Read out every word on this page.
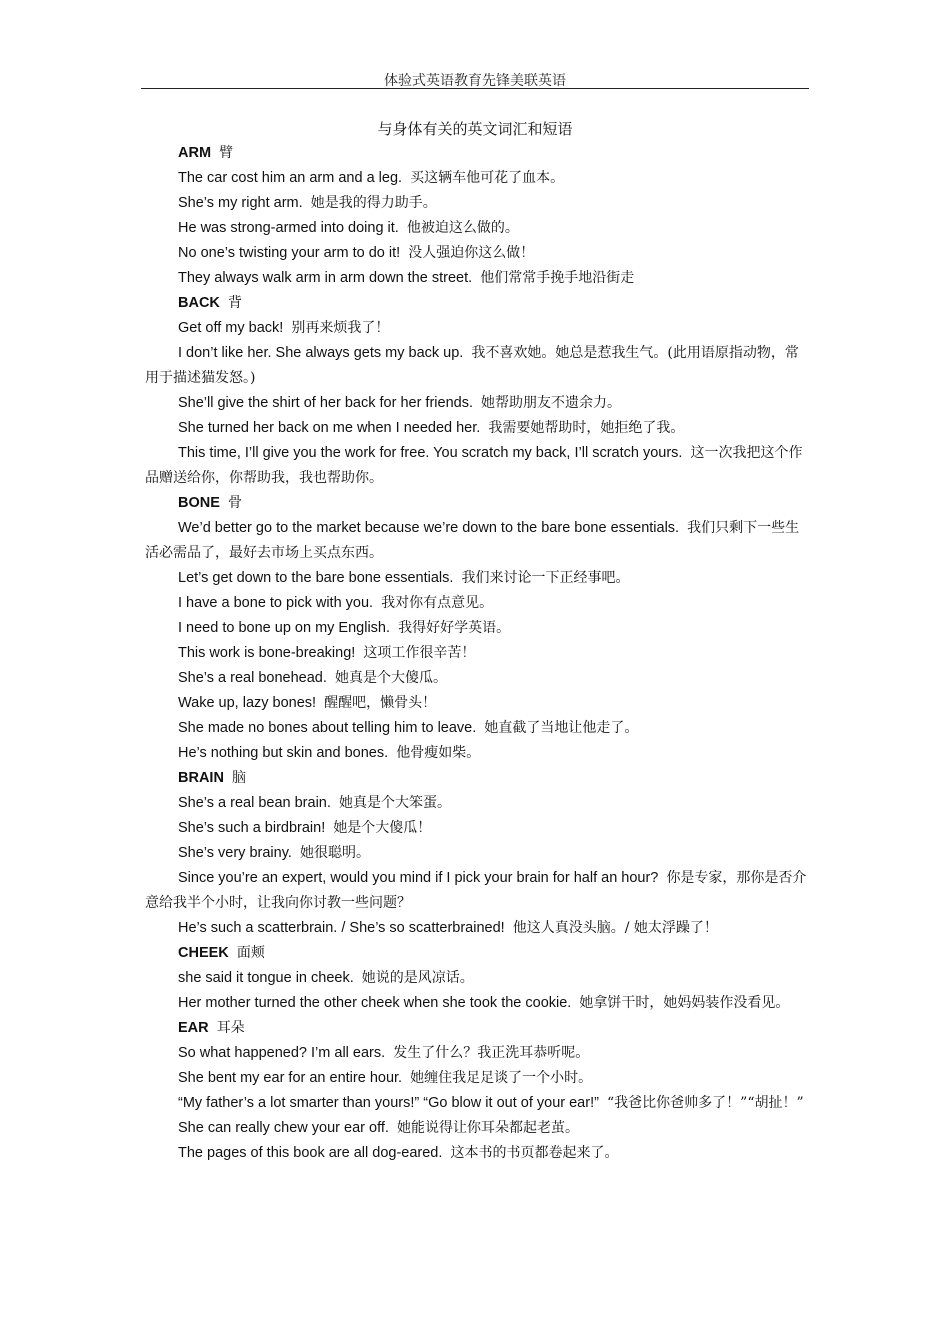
体验式英语教育先锋美联英语
与身体有关的英文词汇和短语

ARM 臂

The car cost him an arm and a leg. 买这辆车他可花了血本。

She’s my right arm. 她是我的得力助手。

He was strong-armed into doing it. 他被迫这么做的。

No one’s twisting your arm to do it! 没人强迫你这么做！

They always walk arm in arm down the street. 他们常常手挽手地沿街走

BACK 背

Get off my back! 别再来烦我了！

I don’t like her. She always gets my back up. 我不喜欢她。她总是惹我生气。(此用语原指动物，常用于描述猫发怒。)

She’ll give the shirt of her back for her friends. 她帮助朋友不遗余力。

She turned her back on me when I needed her. 我需要她帮助时，她拒绝了我。

This time, I’ll give you the work for free. You scratch my back, I’ll scratch yours. 这一次我把这个作品赠送给你，你帮助我，我也帮助你。

BONE 骨

We’d better go to the market because we’re down to the bare bone essentials. 我们只剩下一些生活必需品了，最好去市场上买点东西。

Let’s get down to the bare bone essentials. 我们来讨论一下正经事吧。

I have a bone to pick with you. 我对你有点意见。

I need to bone up on my English. 我得好好学英语。

This work is bone-breaking! 这项工作很辛苦！

She’s a real bonehead. 她真是个大傻瓜。

Wake up, lazy bones! 醒醒吧，懒骨头！

She made no bones about telling him to leave. 她直截了当地让他走了。

He’s nothing but skin and bones. 他骨瘦如柴。

BRAIN 脑

She’s a real bean brain. 她真是个大笨蛋。

She’s such a birdbrain! 她是个大傻瓜！

She’s very brainy. 她很聪明。

Since you’re an expert, would you mind if I pick your brain for half an hour? 你是专家，那你是否介意给我半个小时，让我向你讨教一些问题？

He’s such a scatterbrain. / She’s so scatterbrained! 他这人真没头脑。/ 她太浮躁了！

CHEEK 面颊

she said it tongue in cheek. 她说的是风凉话。

Her mother turned the other cheek when she took the cookie. 她拿饼干时，她妈妈装作没看见。

EAR 耳朵

So what happened? I’m all ears. 发生了什么？我正洗耳恭听呢。

She bent my ear for an entire hour. 她缠住我足足谈了一个小时。

“My father’s a lot smarter than yours!” “Go blow it out of your ear!” “我爸比你爸帅多了！”“胡扯！”

She can really chew your ear off. 她能说得让你耳朵都起老茧。

The pages of this book are all dog-eared. 这本书的书页都卷起来了。
